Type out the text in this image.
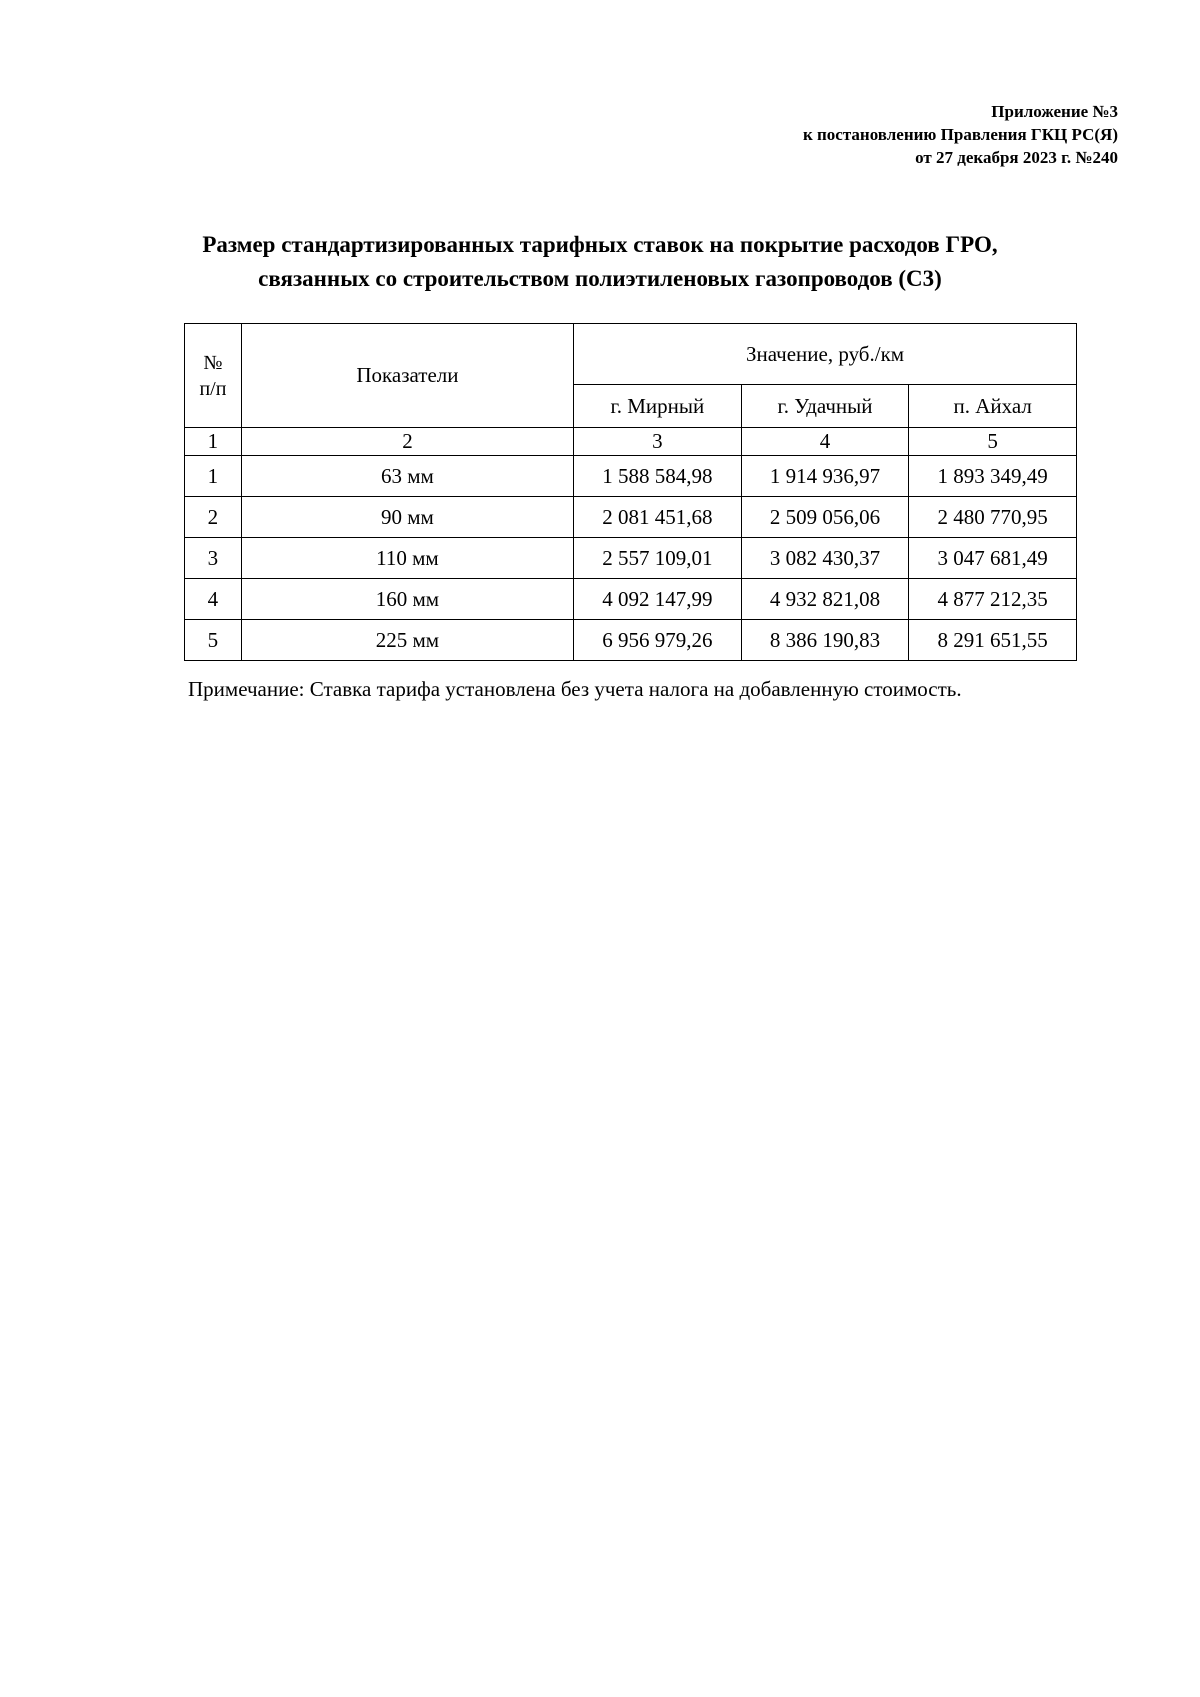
Приложение №3
к постановлению Правления ГКЦ РС(Я)
от 27 декабря 2023 г. №240
Размер стандартизированных тарифных ставок на покрытие расходов ГРО,
связанных со строительством полиэтиленовых газопроводов (С3)
№
п/п	Показатели	Значение, руб./км		
		г. Мирный	г. Удачный	п. Айхал
1	2	3	4	5
1	63 мм	1 588 584,98	1 914 936,97	1 893 349,49
2	90 мм	2 081 451,68	2 509 056,06	2 480 770,95
3	110 мм	2 557 109,01	3 082 430,37	3 047 681,49
4	160 мм	4 092 147,99	4 932 821,08	4 877 212,35
5	225 мм	6 956 979,26	8 386 190,83	8 291 651,55
Примечание: Ставка тарифа установлена без учета налога на добавленную стоимость.
